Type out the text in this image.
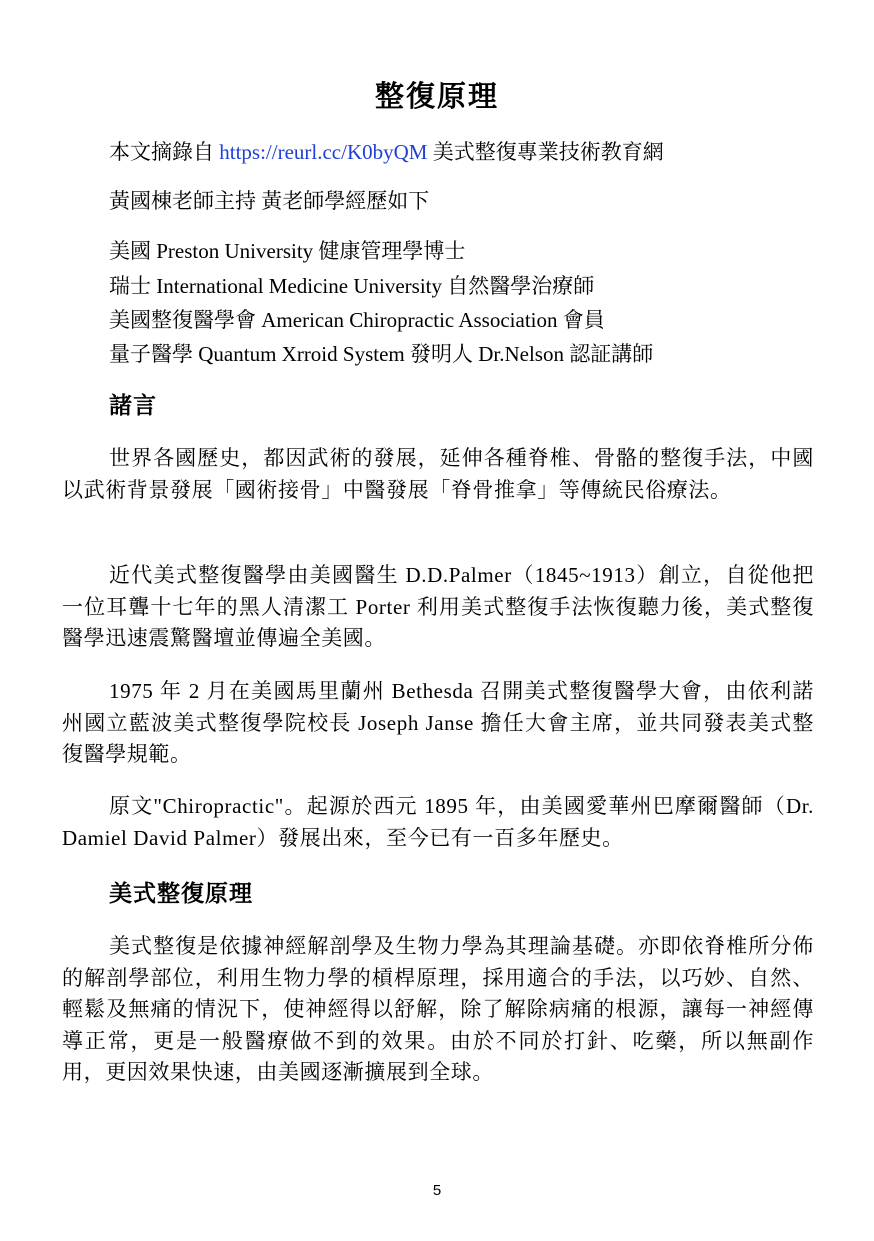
整復原理
本文摘錄自 https://reurl.cc/K0byQM 美式整復專業技術教育網
黃國棟老師主持 黃老師學經歷如下
美國 Preston University 健康管理學博士
瑞士 International Medicine University 自然醫學治療師
美國整復醫學會 American Chiropractic Association 會員
量子醫學 Quantum Xrroid System 發明人 Dr.Nelson 認証講師
諸言

世界各國歷史，都因武術的發展，延伸各種脊椎、骨骼的整復手法，中國以武術背景發展「國術接骨」中醫發展「脊骨推拿」等傳統民俗療法。

近代美式整復醫學由美國醫生 D.D.Palmer（1845~1913）創立，自從他把一位耳聾十七年的黑人清潔工 Porter 利用美式整復手法恢復聽力後，美式整復醫學迅速震驚醫壇並傳遍全美國。

1975 年 2 月在美國馬里蘭州 Bethesda 召開美式整復醫學大會，由依利諾州國立藍波美式整復學院校長 Joseph Janse 擔任大會主席，並共同發表美式整復醫學規範。

原文"Chiropractic"。起源於西元 1895 年，由美國愛華州巴摩爾醫師（Dr. Damiel David Palmer）發展出來，至今已有一百多年歷史。

美式整復原理

美式整復是依據神經解剖學及生物力學為其理論基礎。亦即依脊椎所分佈的解剖學部位，利用生物力學的槓桿原理，採用適合的手法，以巧妙、自然、輕鬆及無痛的情況下，使神經得以舒解，除了解除病痛的根源，讓每一神經傳導正常，更是一般醫療做不到的效果。由於不同於打針、吃藥，所以無副作用，更因效果快速，由美國逐漸擴展到全球。

5
